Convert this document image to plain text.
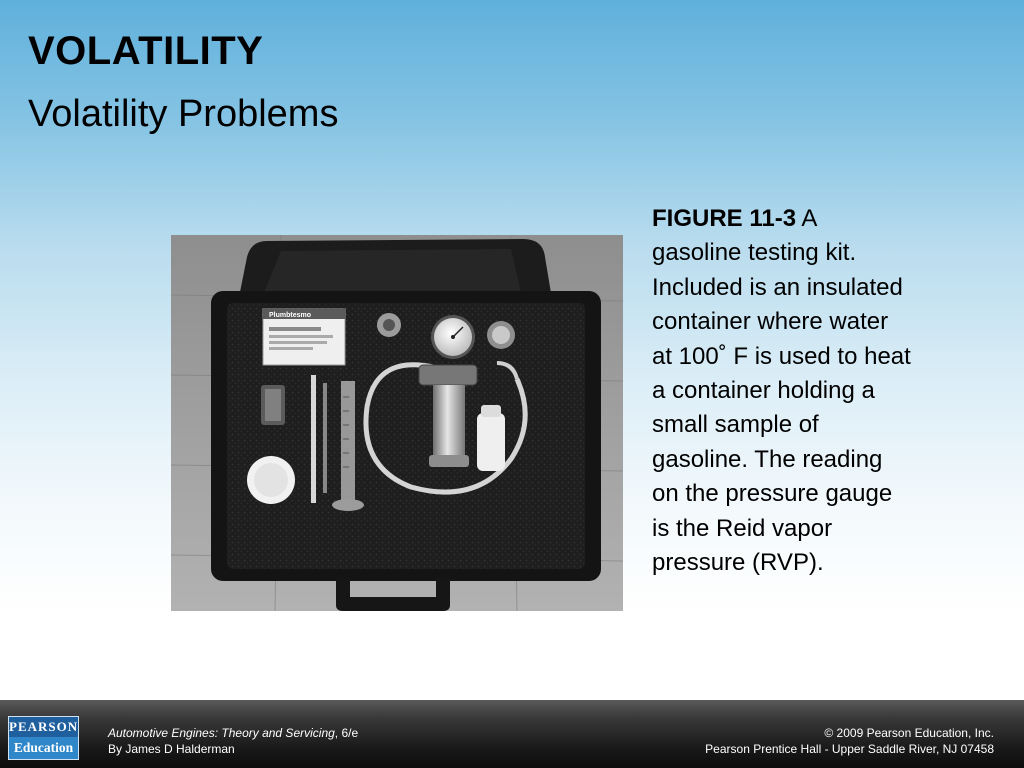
VOLATILITY
Volatility Problems
Plumbtesmo
FIGURE 11-3 A gasoline testing kit. Included is an insulated container where water at 100˚ F is used to heat a container holding a small sample of gasoline. The reading on the pressure gauge is the Reid vapor pressure (RVP).
PEARSON
Education
Automotive Engines: Theory and Servicing, 6/e
By James D Halderman
© 2009 Pearson Education, Inc.
Pearson Prentice Hall - Upper Saddle River, NJ 07458
